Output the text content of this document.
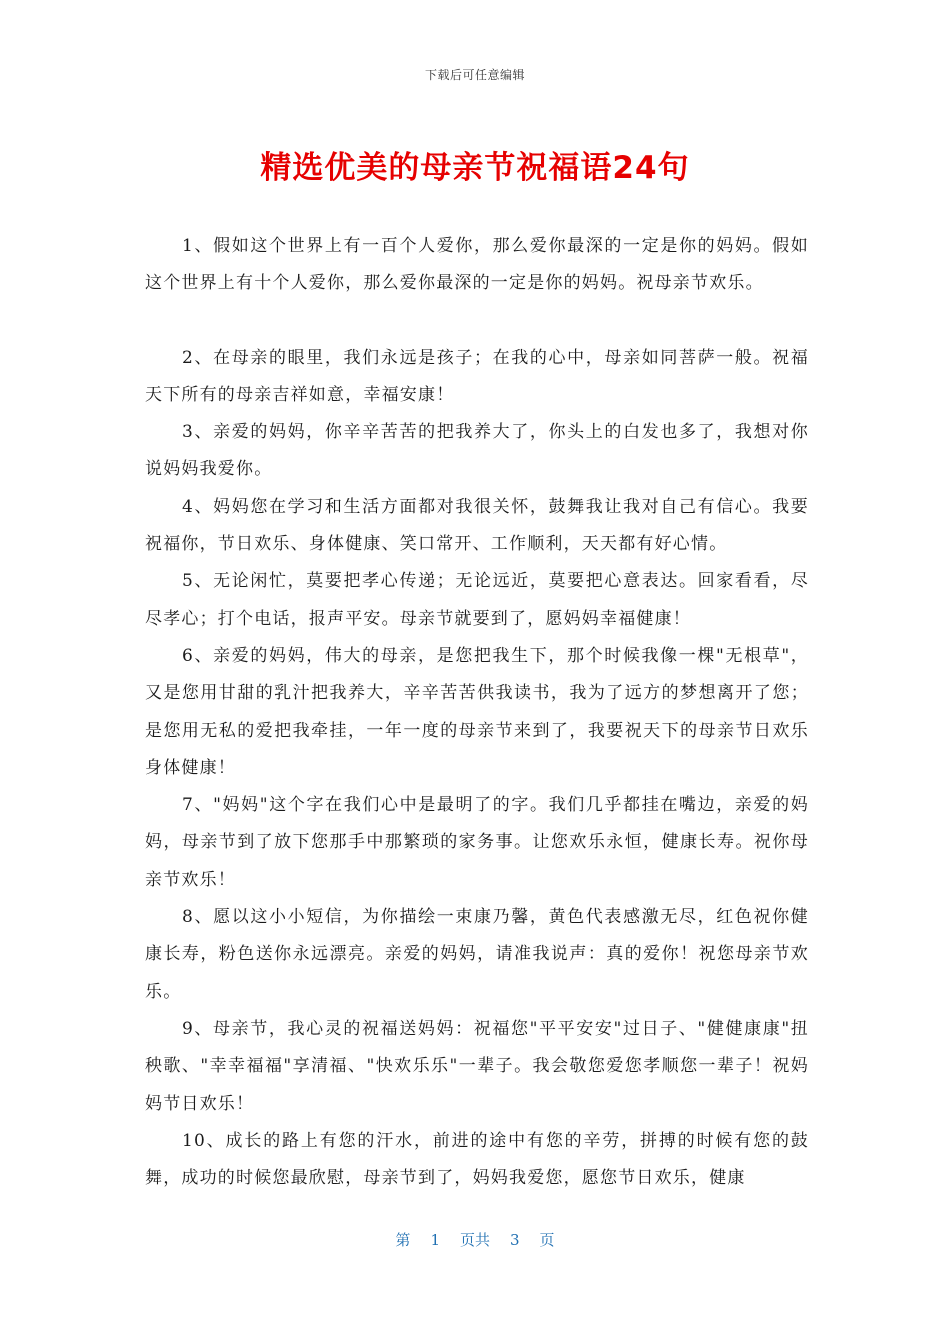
下载后可任意编辑
精选优美的母亲节祝福语24句

1、假如这个世界上有一百个人爱你，那么爱你最深的一定是你的妈妈。假如这个世界上有十个人爱你，那么爱你最深的一定是你的妈妈。祝母亲节欢乐。

2、在母亲的眼里，我们永远是孩子；在我的心中，母亲如同菩萨一般。祝福天下所有的母亲吉祥如意，幸福安康！

3、亲爱的妈妈，你辛辛苦苦的把我养大了，你头上的白发也多了，我想对你说妈妈我爱你。

4、妈妈您在学习和生活方面都对我很关怀，鼓舞我让我对自己有信心。我要祝福你，节日欢乐、身体健康、笑口常开、工作顺利，天天都有好心情。

5、无论闲忙，莫要把孝心传递；无论远近，莫要把心意表达。回家看看，尽尽孝心；打个电话，报声平安。母亲节就要到了，愿妈妈幸福健康！

6、亲爱的妈妈，伟大的母亲，是您把我生下，那个时候我像一棵"无根草"，又是您用甘甜的乳汁把我养大，辛辛苦苦供我读书，我为了远方的梦想离开了您；是您用无私的爱把我牵挂，一年一度的母亲节来到了，我要祝天下的母亲节日欢乐身体健康！

7、"妈妈"这个字在我们心中是最明了的字。我们几乎都挂在嘴边，亲爱的妈妈，母亲节到了放下您那手中那繁琐的家务事。让您欢乐永恒，健康长寿。祝你母亲节欢乐！

8、愿以这小小短信，为你描绘一束康乃馨，黄色代表感激无尽，红色祝你健康长寿，粉色送你永远漂亮。亲爱的妈妈，请准我说声：真的爱你！祝您母亲节欢乐。

9、母亲节，我心灵的祝福送妈妈：祝福您"平平安安"过日子、"健健康康"扭秧歌、"幸幸福福"享清福、"快欢乐乐"一辈子。我会敬您爱您孝顺您一辈子！祝妈妈节日欢乐！

10、成长的路上有您的汗水，前进的途中有您的辛劳，拼搏的时候有您的鼓舞，成功的时候您最欣慰，母亲节到了，妈妈我爱您，愿您节日欢乐，健康

第 1 页共 3 页
